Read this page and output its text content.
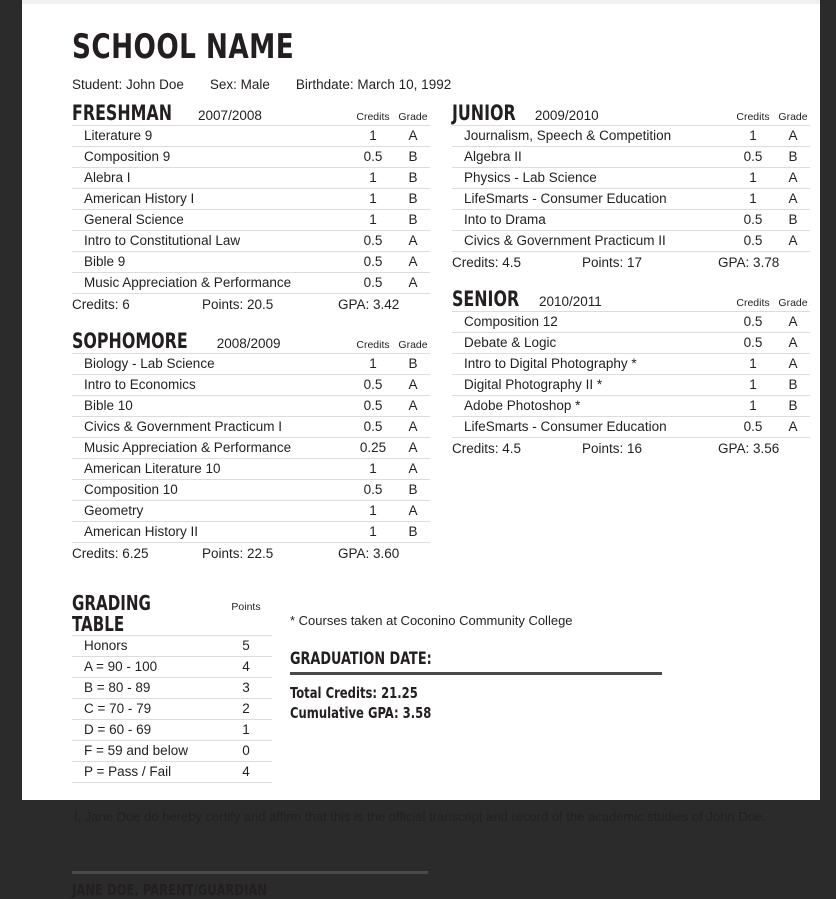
SCHOOL NAME
Student: John Doe Sex: Male Birthdate: March 10, 1992
FRESHMAN 2007/2008	Credits Grade
Literature 9	1	A
Composition 9	0.5	B
Alebra I	1	B
American History I	1	B
General Science	1	B
Intro to Constitutional Law	0.5	A
Bible 9	0.5	A
Music Appreciation & Performance	0.5	A
Credits: 6	Points: 20.5	GPA: 3.42
SOPHOMORE 2008/2009	Credits Grade
Biology - Lab Science	1	B
Intro to Economics	0.5	A
Bible 10	0.5	A
Civics & Government Practicum I	0.5	A
Music Appreciation & Performance	0.25	A
American Literature 10	1	A
Composition 10	0.5	B
Geometry	1	A
American History II	1	B
Credits: 6.25	Points: 22.5	GPA: 3.60
JUNIOR 2009/2010	Credits Grade
Journalism, Speech & Competition	1	A
Algebra II	0.5	B
Physics - Lab Science	1	A
LifeSmarts - Consumer Education	1	A
Into to Drama	0.5	B
Civics & Government Practicum II	0.5	A
Credits: 4.5	Points: 17	GPA: 3.78
SENIOR 2010/2011	Credits Grade
Composition 12	0.5	A
Debate & Logic	0.5	A
Intro to Digital Photography *	1	A
Digital Photography II *	1	B
Adobe Photoshop *	1	B
LifeSmarts - Consumer Education	0.5	A
Credits: 4.5	Points: 16	GPA: 3.56
GRADING TABLE
Points
Honors	5
A = 90 - 100	4
B = 80 - 89	3
C = 70 - 79	2
D = 60 - 69	1
F = 59 and below	0
P = Pass / Fail	4
* Courses taken at Coconino Community College
GRADUATION DATE:
Total Credits: 21.25
Cumulative GPA: 3.58
I, Jane Doe do hereby certify and affirm that this is the official transcript and record of the academic studies of John Doe.
JANE DOE, PARENT/GUARDIAN
